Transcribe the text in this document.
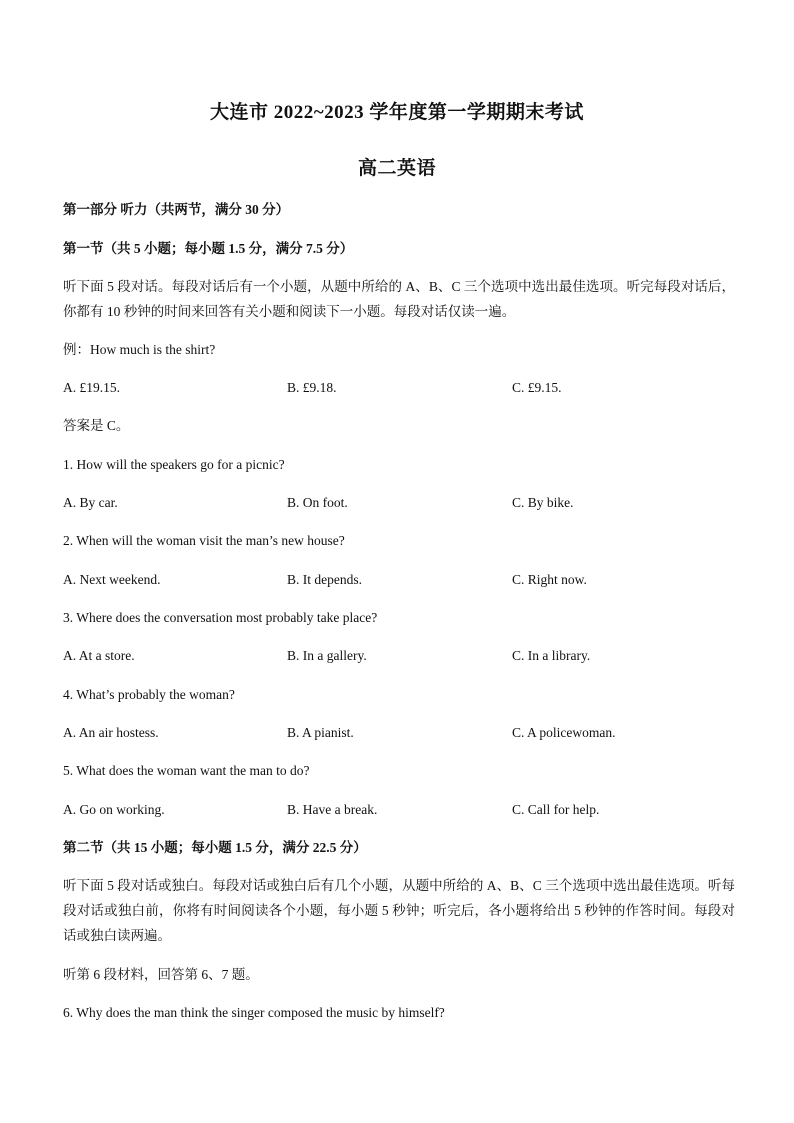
大连市 2022~2023 学年度第一学期期末考试
高二英语
第一部分 听力（共两节，满分 30 分）
第一节（共 5 小题；每小题 1.5 分，满分 7.5 分）
听下面 5 段对话。每段对话后有一个小题，从题中所给的 A、B、C 三个选项中选出最佳选项。听完每段对话后，你都有 10 秒钟的时间来回答有关小题和阅读下一小题。每段对话仅读一遍。
例：How much is the shirt?
A. £19.15.	B. £9.18.	C. £9.15.
答案是 C。
1. How will the speakers go for a picnic?
A. By car.	B. On foot.	C. By bike.
2. When will the woman visit the man’s new house?
A. Next weekend.	B. It depends.	C. Right now.
3. Where does the conversation most probably take place?
A. At a store.	B. In a gallery.	C. In a library.
4. What’s probably the woman?
A. An air hostess.	B. A pianist.	C. A policewoman.
5. What does the woman want the man to do?
A. Go on working.	B. Have a break.	C. Call for help.
第二节（共 15 小题；每小题 1.5 分，满分 22.5 分）
听下面 5 段对话或独白。每段对话或独白后有几个小题，从题中所给的 A、B、C 三个选项中选出最佳选项。听每段对话或独白前，你将有时间阅读各个小题，每小题 5 秒钟；听完后，各小题将给出 5 秒钟的作答时间。每段对话或独白读两遍。
听第 6 段材料，回答第 6、7 题。
6. Why does the man think the singer composed the music by himself?
